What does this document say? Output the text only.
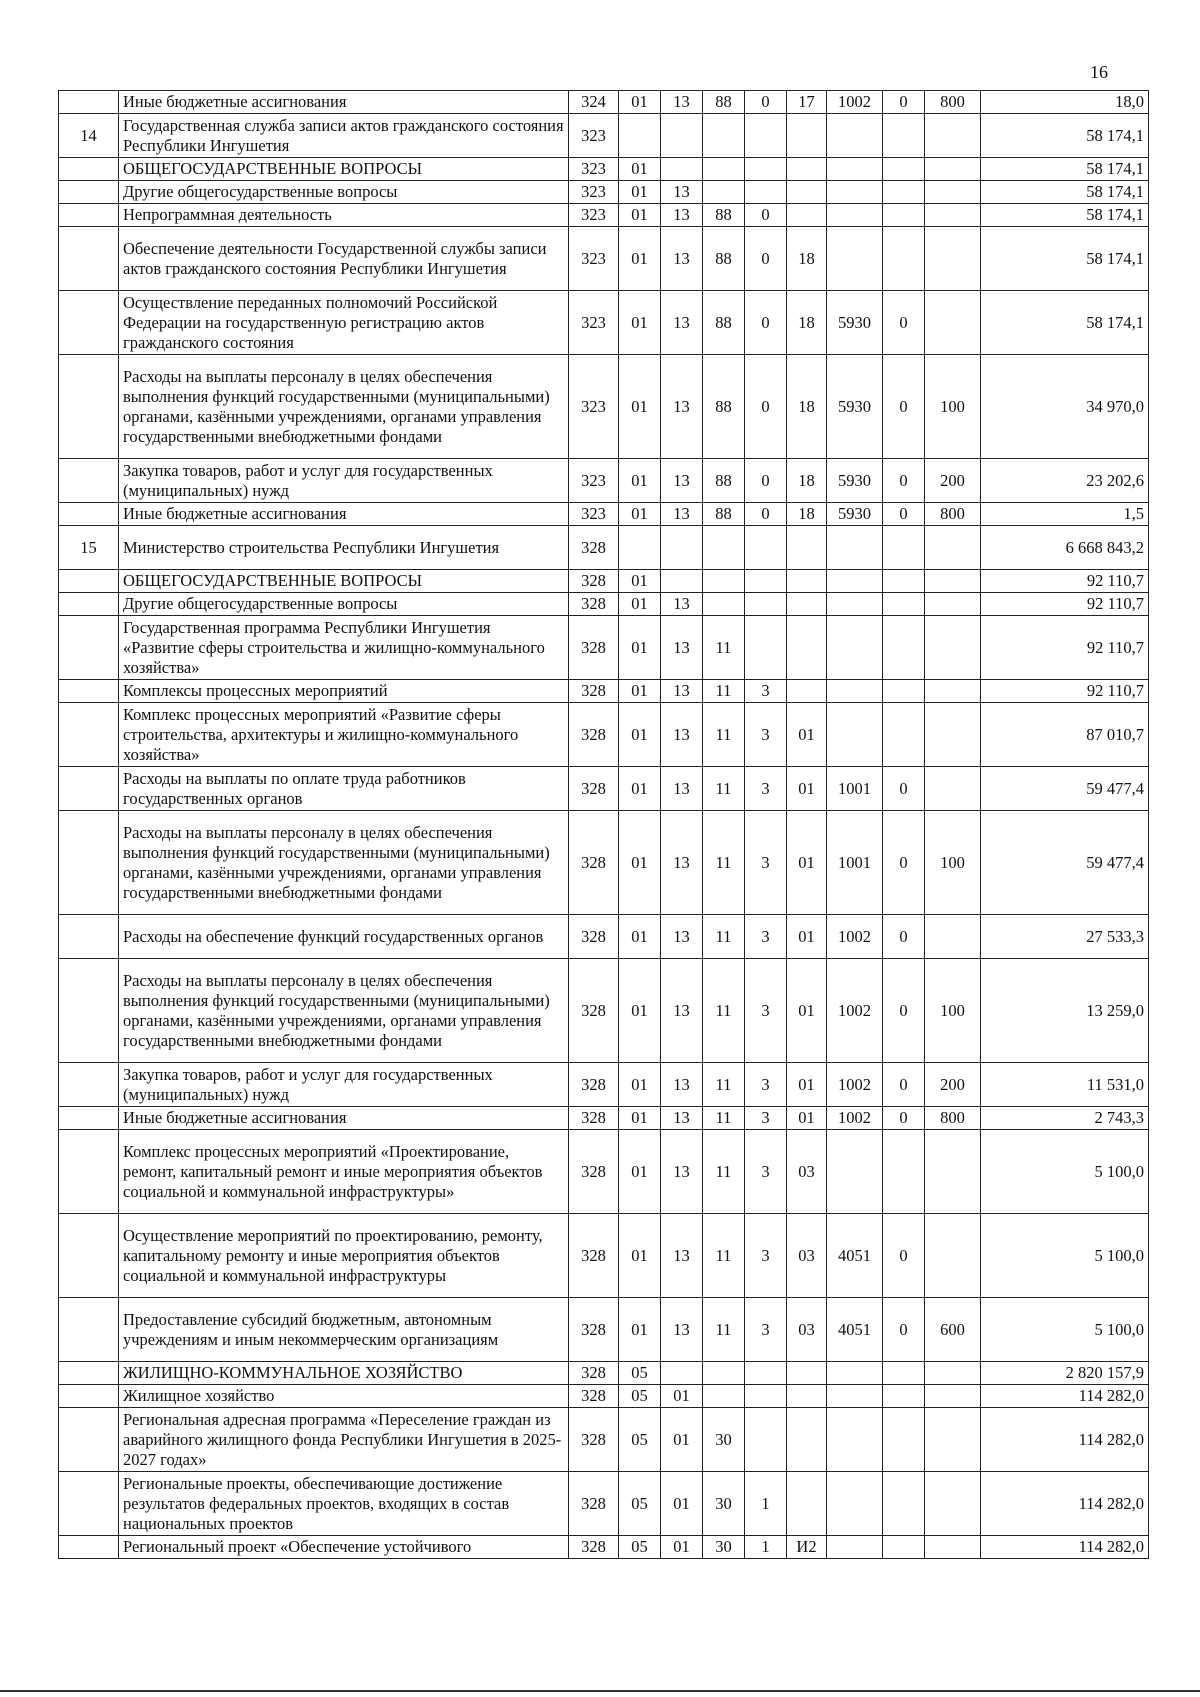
16
	Иные бюджетные ассигнования	324	01	13	88	0	17	1002	0	800	18,0
14	Государственная служба записи актов гражданского состояния Республики Ингушетия	323									58 174,1
	ОБЩЕГОСУДАРСТВЕННЫЕ ВОПРОСЫ	323	01								58 174,1
	Другие общегосударственные вопросы	323	01	13							58 174,1
	Непрограммная деятельность	323	01	13	88	0					58 174,1
	Обеспечение деятельности Государственной службы записи актов гражданского состояния Республики Ингушетия	323	01	13	88	0	18				58 174,1
	Осуществление переданных полномочий Российской Федерации на государственную регистрацию актов гражданского состояния	323	01	13	88	0	18	5930	0		58 174,1
	Расходы на выплаты персоналу в целях обеспечения выполнения функций государственными (муниципальными) органами, казёнными учреждениями, органами управления государственными внебюджетными фондами	323	01	13	88	0	18	5930	0	100	34 970,0
	Закупка товаров, работ и услуг для государственных (муниципальных) нужд	323	01	13	88	0	18	5930	0	200	23 202,6
	Иные бюджетные ассигнования	323	01	13	88	0	18	5930	0	800	1,5
15	Министерство строительства Республики Ингушетия	328									6 668 843,2
	ОБЩЕГОСУДАРСТВЕННЫЕ ВОПРОСЫ	328	01								92 110,7
	Другие общегосударственные вопросы	328	01	13							92 110,7
	Государственная программа Республики Ингушетия «Развитие сферы строительства и жилищно-коммунального хозяйства»	328	01	13	11						92 110,7
	Комплексы процессных мероприятий	328	01	13	11	3					92 110,7
	Комплекс процессных мероприятий «Развитие сферы строительства, архитектуры и жилищно-коммунального хозяйства»	328	01	13	11	3	01				87 010,7
	Расходы на выплаты по оплате труда работников государственных органов	328	01	13	11	3	01	1001	0		59 477,4
	Расходы на выплаты персоналу в целях обеспечения выполнения функций государственными (муниципальными) органами, казёнными учреждениями, органами управления государственными внебюджетными фондами	328	01	13	11	3	01	1001	0	100	59 477,4
	Расходы на обеспечение функций государственных органов	328	01	13	11	3	01	1002	0		27 533,3
	Расходы на выплаты персоналу в целях обеспечения выполнения функций государственными (муниципальными) органами, казёнными учреждениями, органами управления государственными внебюджетными фондами	328	01	13	11	3	01	1002	0	100	13 259,0
	Закупка товаров, работ и услуг для государственных (муниципальных) нужд	328	01	13	11	3	01	1002	0	200	11 531,0
	Иные бюджетные ассигнования	328	01	13	11	3	01	1002	0	800	2 743,3
	Комплекс процессных мероприятий «Проектирование, ремонт, капитальный ремонт и иные мероприятия объектов социальной и коммунальной инфраструктуры»	328	01	13	11	3	03				5 100,0
	Осуществление мероприятий по проектированию, ремонту, капитальному ремонту и иные мероприятия объектов социальной и коммунальной инфраструктуры	328	01	13	11	3	03	4051	0		5 100,0
	Предоставление субсидий бюджетным, автономным учреждениям и иным некоммерческим организациям	328	01	13	11	3	03	4051	0	600	5 100,0
	ЖИЛИЩНО-КОММУНАЛЬНОЕ ХОЗЯЙСТВО	328	05								2 820 157,9
	Жилищное хозяйство	328	05	01							114 282,0
	Региональная адресная программа «Переселение граждан из аварийного жилищного фонда Республики Ингушетия в 2025-2027 годах»	328	05	01	30						114 282,0
	Региональные проекты, обеспечивающие достижение результатов федеральных проектов, входящих в состав национальных проектов	328	05	01	30	1					114 282,0
	Региональный проект «Обеспечение устойчивого	328	05	01	30	1	И2				114 282,0
